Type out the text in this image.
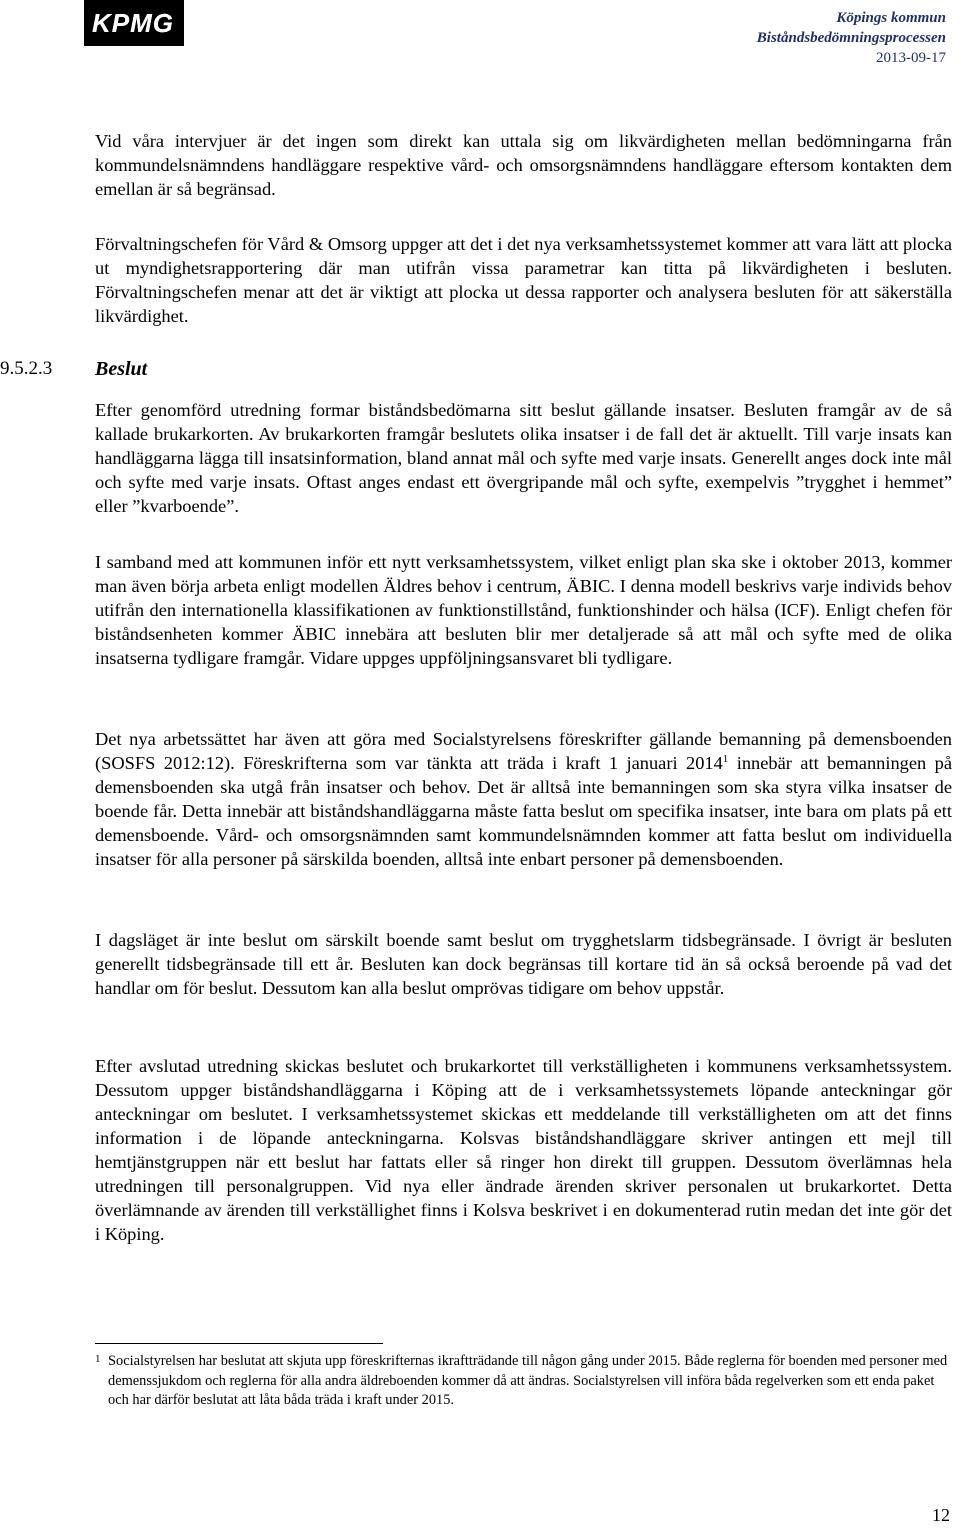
KPMG	Köpings kommun
Biståndsbedömningsprocessen
2013-09-17

Vid våra intervjuer är det ingen som direkt kan uttala sig om likvärdigheten mellan bedömningarna från kommundelsnämndens handläggare respektive vård- och omsorgsnämndens handläggare eftersom kontakten dem emellan är så begränsad.

Förvaltningschefen för Vård & Omsorg uppger att det i det nya verksamhetssystemet kommer att vara lätt att plocka ut myndighetsrapportering där man utifrån vissa parametrar kan titta på likvärdigheten i besluten. Förvaltningschefen menar att det är viktigt att plocka ut dessa rapporter och analysera besluten för att säkerställa likvärdighet.

9.5.2.3 Beslut

Efter genomförd utredning formar biståndsbedömarna sitt beslut gällande insatser. Besluten framgår av de så kallade brukarkorten. Av brukarkorten framgår beslutets olika insatser i de fall det är aktuellt. Till varje insats kan handläggarna lägga till insatsinformation, bland annat mål och syfte med varje insats. Generellt anges dock inte mål och syfte med varje insats. Oftast anges endast ett övergripande mål och syfte, exempelvis ”trygghet i hemmet” eller ”kvarboende”.

I samband med att kommunen inför ett nytt verksamhetssystem, vilket enligt plan ska ske i oktober 2013, kommer man även börja arbeta enligt modellen Äldres behov i centrum, ÄBIC. I denna modell beskrivs varje individs behov utifrån den internationella klassifikationen av funktionstillstånd, funktionshinder och hälsa (ICF). Enligt chefen för biståndsenheten kommer ÄBIC innebära att besluten blir mer detaljerade så att mål och syfte med de olika insatserna tydligare framgår. Vidare uppges uppföljningsansvaret bli tydligare.

Det nya arbetssättet har även att göra med Socialstyrelsens föreskrifter gällande bemanning på demensboenden (SOSFS 2012:12). Föreskrifterna som var tänkta att träda i kraft 1 januari 2014$^1$ innebär att bemanningen på demensboenden ska utgå från insatser och behov. Det är alltså inte bemanningen som ska styra vilka insatser de boende får. Detta innebär att biståndshandläggarna måste fatta beslut om specifika insatser, inte bara om plats på ett demensboende. Vård- och omsorgsnämnden samt kommundelsnämnden kommer att fatta beslut om individuella insatser för alla personer på särskilda boenden, alltså inte enbart personer på demensboenden.

I dagsläget är inte beslut om särskilt boende samt beslut om trygghetslarm tidsbegränsade. I övrigt är besluten generellt tidsbegränsade till ett år. Besluten kan dock begränsas till kortare tid än så också beroende på vad det handlar om för beslut. Dessutom kan alla beslut omprövas tidigare om behov uppstår.

Efter avslutad utredning skickas beslutet och brukarkortet till verkställigheten i kommunens verksamhetssystem. Dessutom uppger biståndshandläggarna i Köping att de i verksamhetssystemets löpande anteckningar gör anteckningar om beslutet. I verksamhetssystemet skickas ett meddelande till verkställigheten om att det finns information i de löpande anteckningarna. Kolsvas biståndshandläggare skriver antingen ett mejl till hemtjänstgruppen när ett beslut har fattats eller så ringer hon direkt till gruppen. Dessutom överlämnas hela utredningen till personalgruppen. Vid nya eller ändrade ärenden skriver personalen ut brukarkortet. Detta överlämnande av ärenden till verkställighet finns i Kolsva beskrivet i en dokumenterad rutin medan det inte gör det i Köping.

1 Socialstyrelsen har beslutat att skjuta upp föreskrifternas ikraftträdande till någon gång under 2015. Både reglerna för boenden med personer med demenssjukdom och reglerna för alla andra äldreboenden kommer då att ändras. Socialstyrelsen vill införa båda regelverken som ett enda paket och har därför beslutat att låta båda träda i kraft under 2015.
12
